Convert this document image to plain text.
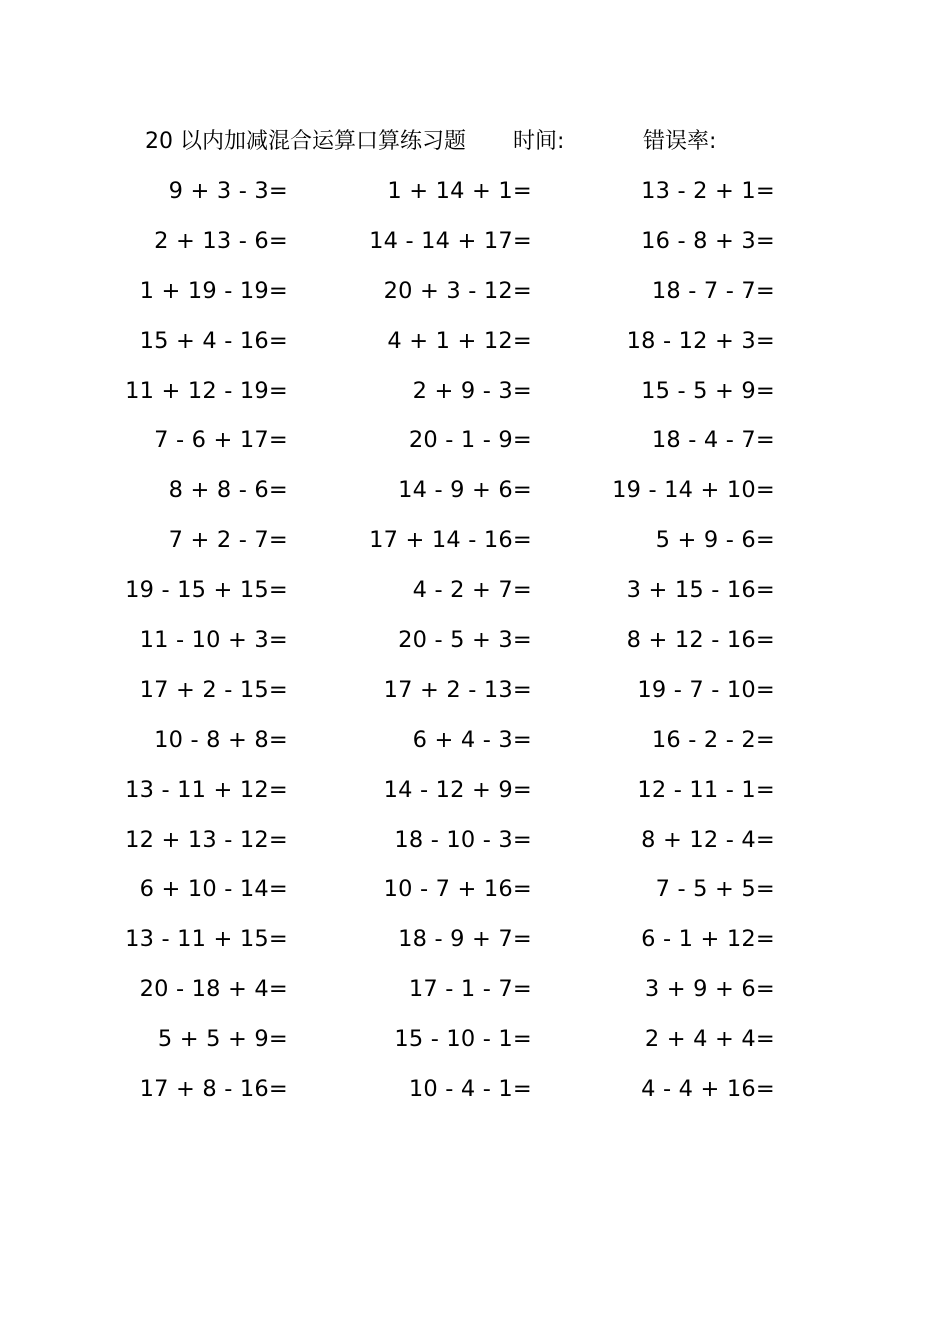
20 以内加减混合运算口算练习题 时间:	错误率:
9 + 3 - 3=
2 + 13 - 6=
1 + 19 - 19=
15 + 4 - 16=
11 + 12 - 19=
7 - 6 + 17=
8 + 8 - 6=
7 + 2 - 7=
19 - 15 + 15=
11 - 10 + 3=
17 + 2 - 15=
10 - 8 + 8=
13 - 11 + 12=
12 + 13 - 12=
6 + 10 - 14=
13 - 11 + 15=
20 - 18 + 4=
5 + 5 + 9=
17 + 8 - 16=
1 + 14 + 1=
14 - 14 + 17=
20 + 3 - 12=
4 + 1 + 12=
2 + 9 - 3=
20 - 1 - 9=
14 - 9 + 6=
17 + 14 - 16=
4 - 2 + 7=
20 - 5 + 3=
17 + 2 - 13=
6 + 4 - 3=
14 - 12 + 9=
18 - 10 - 3=
10 - 7 + 16=
18 - 9 + 7=
17 - 1 - 7=
15 - 10 - 1=
10 - 4 - 1=
13 - 2 + 1=
16 - 8 + 3=
18 - 7 - 7=
18 - 12 + 3=
15 - 5 + 9=
18 - 4 - 7=
19 - 14 + 10=
5 + 9 - 6=
3 + 15 - 16=
8 + 12 - 16=
19 - 7 - 10=
16 - 2 - 2=
12 - 11 - 1=
8 + 12 - 4=
7 - 5 + 5=
6 - 1 + 12=
3 + 9 + 6=
2 + 4 + 4=
4 - 4 + 16=
